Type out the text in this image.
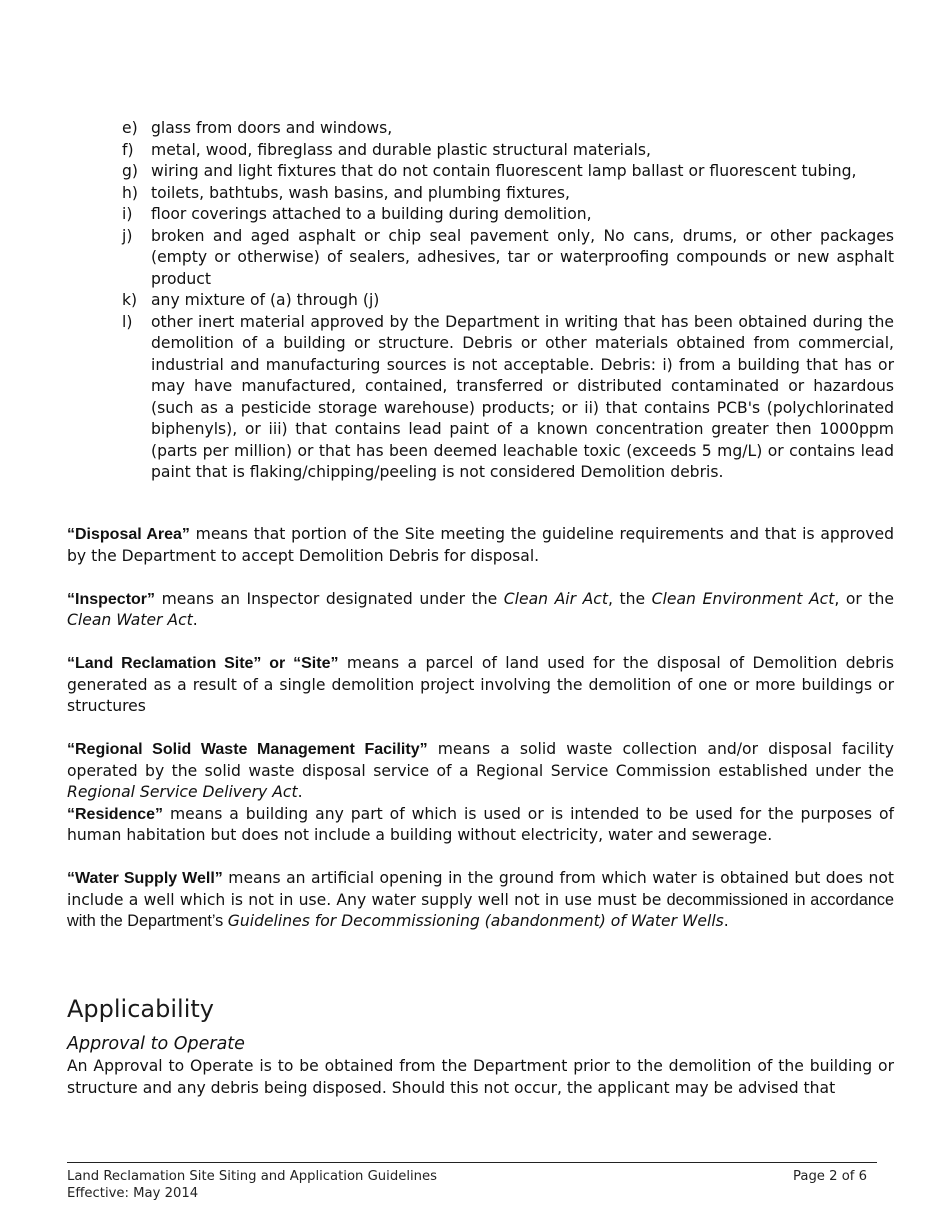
e) glass from doors and windows,
f)	metal, wood, fibreglass and durable plastic structural materials,
g) wiring and light fixtures that do not contain fluorescent lamp ballast or fluorescent tubing,
h) toilets, bathtubs, wash basins, and plumbing fixtures,
i)	floor coverings attached to a building during demolition,
j)	broken and aged asphalt or chip seal pavement only, No cans, drums, or other packages (empty or otherwise) of sealers, adhesives, tar or waterproofing compounds or new asphalt product
k) any mixture of (a) through (j)
l)	other inert material approved by the Department in writing that has been obtained during the demolition of a building or structure. Debris or other materials obtained from commercial, industrial and manufacturing sources is not acceptable. Debris: i) from a building that has or may have manufactured, contained, transferred or distributed contaminated or hazardous (such as a pesticide storage warehouse) products; or ii) that contains PCB's (polychlorinated biphenyls), or iii) that contains lead paint of a known concentration greater then 1000ppm (parts per million) or that has been deemed leachable toxic (exceeds 5 mg/L) or contains lead paint that is flaking/chipping/peeling is not considered Demolition debris.

“Disposal Area” means that portion of the Site meeting the guideline requirements and that is approved by the Department to accept Demolition Debris for disposal.

“Inspector” means an Inspector designated under the Clean Air Act, the Clean Environment Act, or the Clean Water Act.

“Land Reclamation Site” or “Site” means a parcel of land used for the disposal of Demolition debris generated as a result of a single demolition project involving the demolition of one or more buildings or structures

“Regional Solid Waste Management Facility” means a solid waste collection and/or disposal facility operated by the solid waste disposal service of a Regional Service Commission established under the Regional Service Delivery Act.

“Residence” means a building any part of which is used or is intended to be used for the purposes of human habitation but does not include a building without electricity, water and sewerage.

“Water Supply Well” means an artificial opening in the ground from which water is obtained but does not include a well which is not in use. Any water supply well not in use must be decommissioned in accordance with the Department’s Guidelines for Decommissioning (abandonment) of Water Wells.

Applicability
Approval to Operate
An Approval to Operate is to be obtained from the Department prior to the demolition of the building or structure and any debris being disposed. Should this not occur, the applicant may be advised that
Land Reclamation Site Siting and Application Guidelines
Effective: May 2014
Page 2 of 6
